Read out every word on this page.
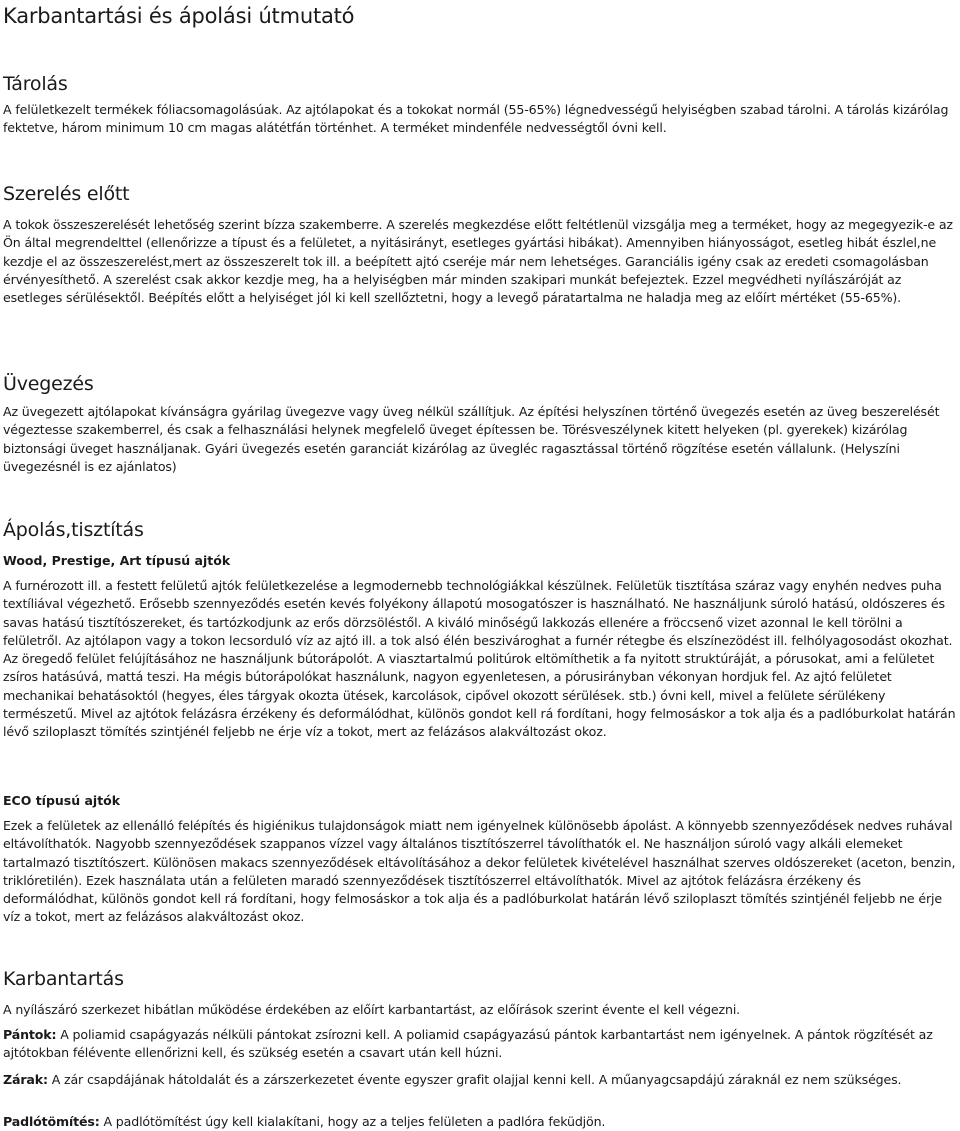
Karbantartási és ápolási útmutató
Tárolás

A felületkezelt termékek fóliacsomagolásúak. Az ajtólapokat és a tokokat normál (55-65%) légnedvességű helyiségben szabad tárolni. A tárolás kizárólag fektetve, három minimum 10 cm magas alátétfán történhet. A terméket mindenféle nedvességtől óvni kell.

Szerelés előtt

A tokok összeszerelését lehetőség szerint bízza szakemberre. A szerelés megkezdése előtt feltétlenül vizsgálja meg a terméket, hogy az megegyezik-e az Ön által megrendelttel (ellenőrizze a típust és a felületet, a nyitásirányt, esetleges gyártási hibákat). Amennyiben hiányosságot, esetleg hibát észlel,ne kezdje el az összeszerelést,mert az összeszerelt tok ill. a beépített ajtó cseréje már nem lehetséges. Garanciális igény csak az eredeti csomagolásban érvényesíthető. A szerelést csak akkor kezdje meg, ha a helyiségben már minden szakipari munkát befejeztek. Ezzel megvédheti nyílászáróját az esetleges sérülésektől. Beépítés előtt a helyiséget jól ki kell szellőztetni, hogy a levegő páratartalma ne haladja meg az előírt mértéket (55-65%).

Üvegezés

Az üvegezett ajtólapokat kívánságra gyárilag üvegezve vagy üveg nélkül szállítjuk. Az építési helyszínen történő üvegezés esetén az üveg beszerelését végeztesse szakemberrel, és csak a felhasználási helynek megfelelő üveget építessen be. Törésveszélynek kitett helyeken (pl. gyerekek) kizárólag biztonsági üveget használjanak. Gyári üvegezés esetén garanciát kizárólag az üvegléc ragasztással történő rögzítése esetén vállalunk. (Helyszíni üvegezésnél is ez ajánlatos)

Ápolás,tisztítás
Wood, Prestige, Art típusú ajtók

A furnérozott ill. a festett felületű ajtók felületkezelése a legmodernebb technológiákkal készülnek. Felületük tisztítása száraz vagy enyhén nedves puha textíliával végezhető. Erősebb szennyeződés esetén kevés folyékony állapotú mosogatószer is használható. Ne használjunk súroló hatású, oldószeres és savas hatású tisztítószereket, és tartózkodjunk az erős dörzsöléstől. A kiváló minőségű lakkozás ellenére a fröccsenő vizet azonnal le kell törölni a felületről. Az ajtólapon vagy a tokon lecsorduló víz az ajtó ill. a tok alsó élén beszivároghat a furnér rétegbe és elszínezödést ill. felhólyagosodást okozhat. Az öregedő felület felújításához ne használjunk bútorápolót. A viasztartalmú politúrok eltömíthetik a fa nyitott struktúráját, a pórusokat, ami a felületet zsíros hatásúvá, mattá teszi. Ha mégis bútorápolókat használunk, nagyon egyenletesen, a pórusirányban vékonyan hordjuk fel. Az ajtó felületet mechanikai behatásoktól (hegyes, éles tárgyak okozta ütések, karcolások, cipővel okozott sérülések. stb.) óvni kell, mivel a felülete sérülékeny természetű. Mivel az ajtótok felázásra érzékeny és deformálódhat, különös gondot kell rá fordítani, hogy felmosáskor a tok alja és a padlóburkolat határán lévő sziloplaszt tömítés szintjénél feljebb ne érje víz a tokot, mert az felázásos alakváltozást okoz.

ECO típusú ajtók

Ezek a felületek az ellenálló felépítés és higiénikus tulajdonságok miatt nem igényelnek különösebb ápolást. A könnyebb szennyeződések nedves ruhával eltávolíthatók. Nagyobb szennyeződések szappanos vízzel vagy általános tisztítószerrel távolíthatók el. Ne használjon súroló vagy alkáli elemeket tartalmazó tisztítószert. Különösen makacs szennyeződések eltávolításához a dekor felületek kivételével használhat szerves oldószereket (aceton, benzin, triklóretilén). Ezek használata után a felületen maradó szennyeződések tisztítószerrel eltávolíthatók. Mivel az ajtótok felázásra érzékeny és deformálódhat, különös gondot kell rá fordítani, hogy felmosáskor a tok alja és a padlóburkolat határán lévő sziloplaszt tömítés szintjénél feljebb ne érje víz a tokot, mert az felázásos alakváltozást okoz.

Karbantartás

A nyílászáró szerkezet hibátlan működése érdekében az előírt karbantartást, az előírások szerint évente el kell végezni.

Pántok: A poliamid csapágyazás nélküli pántokat zsírozni kell. A poliamid csapágyazású pántok karbantartást nem igényelnek. A pántok rögzítését az ajtótokban félévente ellenőrizni kell, és szükség esetén a csavart után kell húzni.

Zárak: A zár csapdájának hátoldalát és a zárszerkezetet évente egyszer grafit olajjal kenni kell. A műanyagcsapdájú záraknál ez nem szükséges.

Padlótömítés: A padlótömítést úgy kell kialakítani, hogy az a teljes felületen a padlóra feküdjön.
